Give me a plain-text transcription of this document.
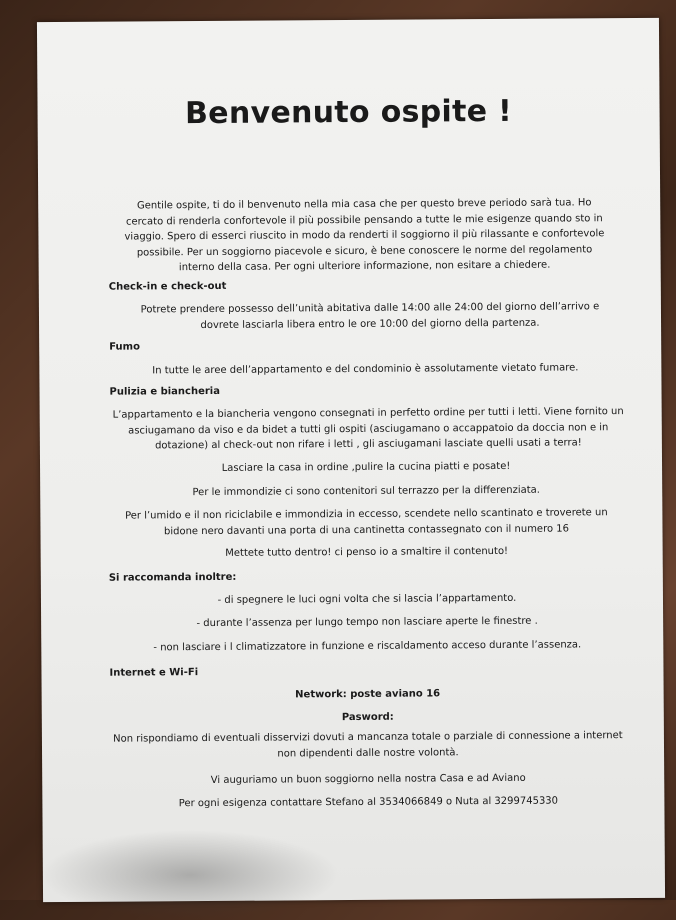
Benvenuto ospite !
Gentile ospite, ti do il benvenuto nella mia casa che per questo breve periodo sarà tua. Ho cercato di renderla confortevole il più possibile pensando a tutte le mie esigenze quando sto in viaggio. Spero di esserci riuscito in modo da renderti il soggiorno il più rilassante e confortevole possibile. Per un soggiorno piacevole e sicuro, è bene conoscere le norme del regolamento interno della casa. Per ogni ulteriore informazione, non esitare a chiedere.
Check-in e check-out
Potrete prendere possesso dell’unità abitativa dalle 14:00 alle 24:00 del giorno dell’arrivo e dovrete lasciarla libera entro le ore 10:00 del giorno della partenza.
Fumo
In tutte le aree dell’appartamento e del condominio è assolutamente vietato fumare.
Pulizia e biancheria
L’appartamento e la biancheria vengono consegnati in perfetto ordine per tutti i letti. Viene fornito un asciugamano da viso e da bidet a tutti gli ospiti (asciugamano o accappatoio da doccia non e in dotazione) al check-out non rifare i letti , gli asciugamani lasciate quelli usati a terra!
Lasciare la casa in ordine ,pulire la cucina piatti e posate!
Per le immondizie ci sono contenitori sul terrazzo per la differenziata.
Per l’umido e il non riciclabile e immondizia in eccesso, scendete nello scantinato e troverete un bidone nero davanti una porta di una cantinetta contassegnato con il numero 16
Mettete tutto dentro! ci penso io a smaltire il contenuto!
Si raccomanda inoltre:
- di spegnere le luci ogni volta che si lascia l’appartamento.
- durante l’assenza per lungo tempo non lasciare aperte le finestre .
- non lasciare i l climatizzatore in funzione e riscaldamento acceso durante l’assenza.
Internet e Wi-Fi
Network: poste aviano 16
Pasword:
Non rispondiamo di eventuali disservizi dovuti a mancanza totale o parziale di connessione a internet non dipendenti dalle nostre volontà.
Vi auguriamo un buon soggiorno nella nostra Casa e ad Aviano
Per ogni esigenza contattare Stefano al 3534066849 o Nuta al 3299745330
